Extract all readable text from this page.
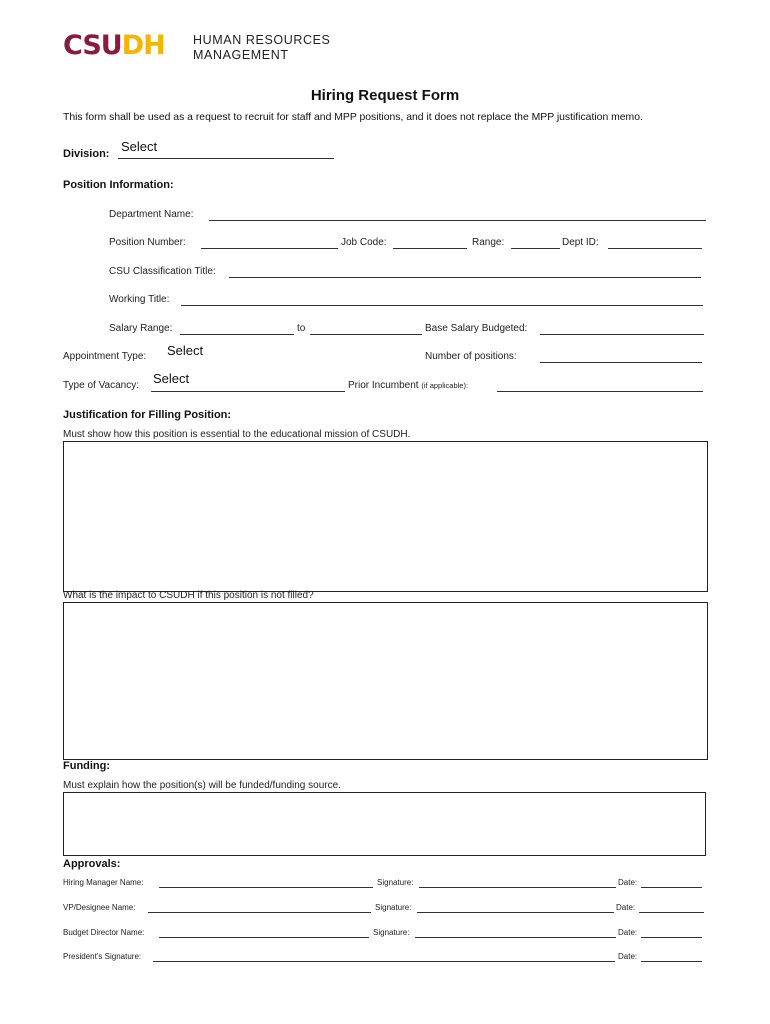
CSUDH HUMAN RESOURCES
MANAGEMENT
Hiring Request Form
This form shall be used as a request to recruit for staff and MPP positions, and it does not replace the MPP justification memo.
Division: Select
Position Information:
Department Name:
Position Number:	Job Code:	Range:	Dept ID:
CSU Classification Title:
Working Title:
Salary Range:	to	Base Salary Budgeted:
Appointment Type: Select	Number of positions:
Type of Vacancy: Select	Prior Incumbent (if applicable):
Justification for Filling Position:
Must show how this position is essential to the educational mission of CSUDH.
What is the impact to CSUDH if this position is not filled?
Funding:
Must explain how the position(s) will be funded/funding source.
Approvals:
Hiring Manager Name:	Signature:	Date:
VP/Designee Name:	Signature:	Date:
Budget Director Name:	Signature:	Date:
President’s Signature:	Date:
